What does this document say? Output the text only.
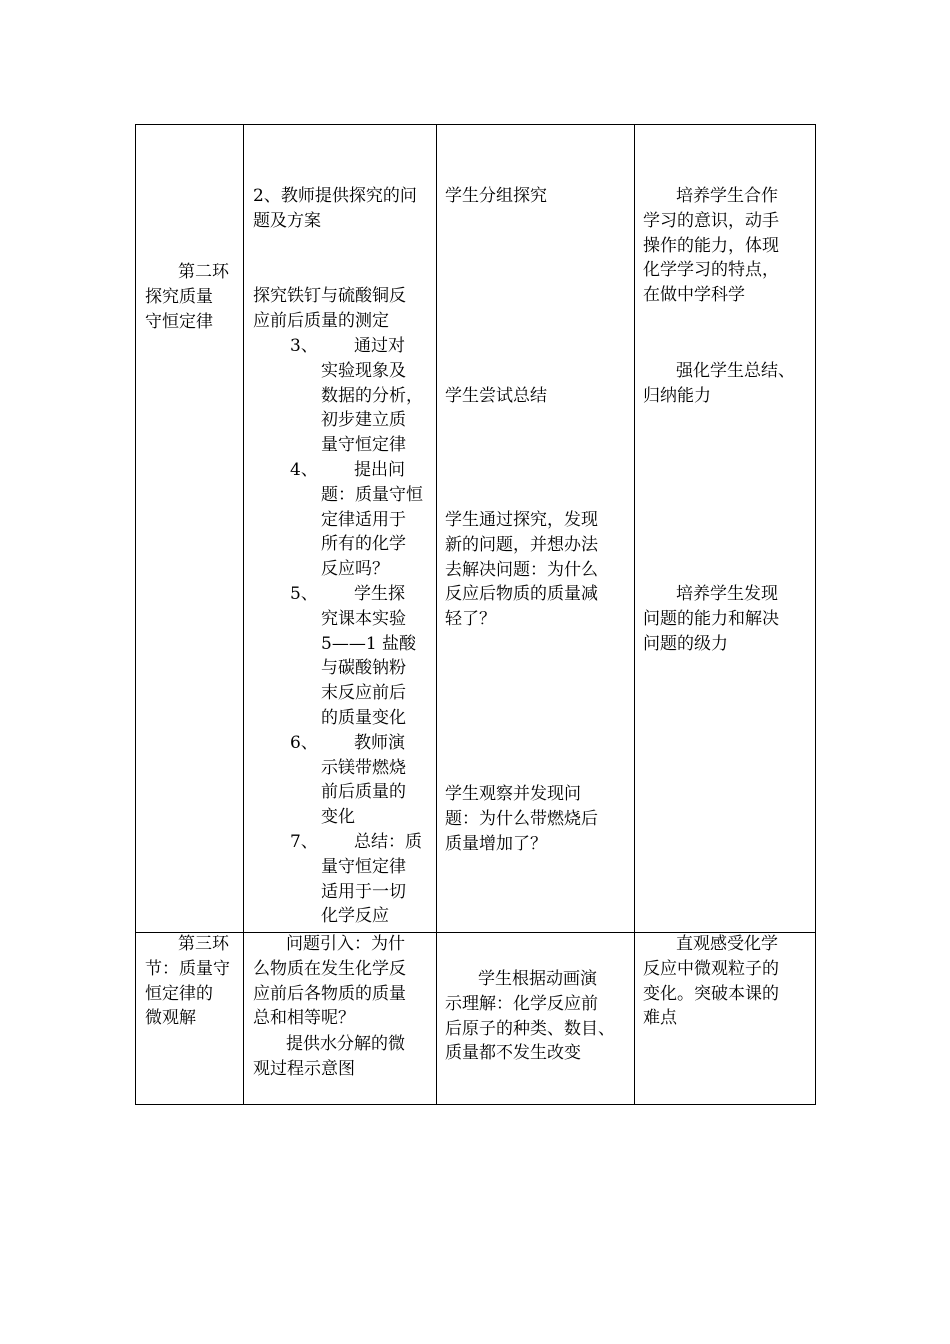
第二环
探究质量
守恒定律
2、教师提供探究的问
题及方案
探究铁钉与硫酸铜反
应前后质量的测定
3、 通过对
实验现象及
数据的分析，
初步建立质
量守恒定律
4、 提出问
题：质量守恒
定律适用于
所有的化学
反应吗？
5、 学生探
究课本实验
5——1 盐酸
与碳酸钠粉
末反应前后
的质量变化
6、 教师演
示镁带燃烧
前后质量的
变化
7、 总结：质
量守恒定律
适用于一切
化学反应
学生分组探究
学生尝试总结
学生通过探究，发现
新的问题，并想办法
去解决问题：为什么
反应后物质的质量减
轻了？
学生观察并发现问
题：为什么带燃烧后
质量增加了？
培养学生合作
学习的意识，动手
操作的能力，体现
化学学习的特点，
在做中学科学
强化学生总结、
归纳能力
培养学生发现
问题的能力和解决
问题的级力
第三环
节：质量守
恒定律的
微观解
问题引入：为什
么物质在发生化学反
应前后各物质的质量
总和相等呢？
提供水分解的微
观过程示意图
学生根据动画演
示理解：化学反应前
后原子的种类、数目、
质量都不发生改变
直观感受化学
反应中微观粒子的
变化。突破本课的
难点
